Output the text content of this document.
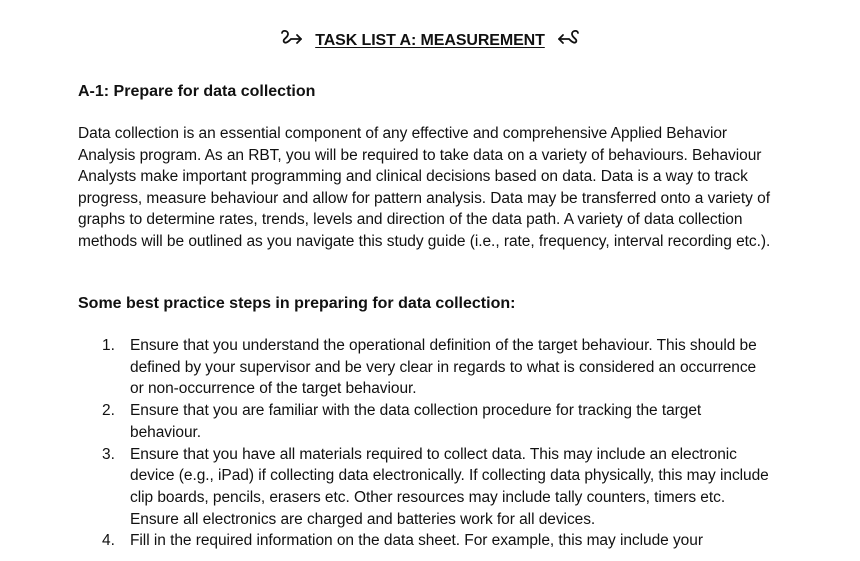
TASK LIST A: MEASUREMENT
A-1: Prepare for data collection

Data collection is an essential component of any effective and comprehensive Applied Behavior Analysis program. As an RBT, you will be required to take data on a variety of behaviours. Behaviour Analysts make important programming and clinical decisions based on data. Data is a way to track progress, measure behaviour and allow for pattern analysis. Data may be transferred onto a variety of graphs to determine rates, trends, levels and direction of the data path. A variety of data collection methods will be outlined as you navigate this study guide (i.e., rate, frequency, interval recording etc.).

Some best practice steps in preparing for data collection:
1. Ensure that you understand the operational definition of the target behaviour. This should be defined by your supervisor and be very clear in regards to what is considered an occurrence or non-occurrence of the target behaviour.
2. Ensure that you are familiar with the data collection procedure for tracking the target behaviour.
3. Ensure that you have all materials required to collect data. This may include an electronic device (e.g., iPad) if collecting data electronically. If collecting data physically, this may include clip boards, pencils, erasers etc. Other resources may include tally counters, timers etc. Ensure all electronics are charged and batteries work for all devices.
4. Fill in the required information on the data sheet. For example, this may include your
